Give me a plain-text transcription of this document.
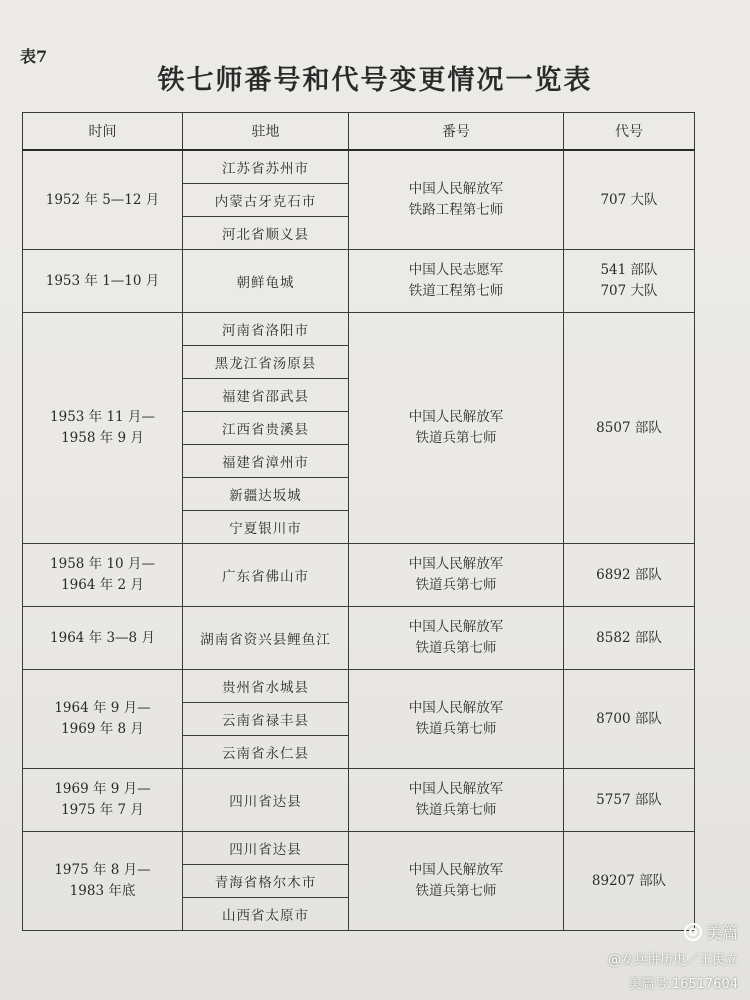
表7
铁七师番号和代号变更情况一览表
时间	驻地	番号	代号

1952 年 5—12 月	江苏省苏州市	中国人民解放军
铁路工程第七师	707 大队

	内蒙古牙克石市		
	河北省顺义县		

1953 年 1—10 月	朝鲜龟城	中国人民志愿军
铁道工程第七师	541 部队
707 大队

1953 年 11 月—
1958 年 9 月	河南省洛阳市	中国人民解放军
铁道兵第七师	8507 部队

	黑龙江省汤原县		
	福建省邵武县		
	江西省贵溪县		
	福建省漳州市		
	新疆达坂城		
	宁夏银川市		

1958 年 10 月—
1964 年 2 月	广东省佛山市	中国人民解放军
铁道兵第七师	6892 部队

1964 年 3—8 月	湖南省资兴县鲤鱼江	中国人民解放军
铁道兵第七师	8582 部队

1964 年 9 月—
1969 年 8 月	贵州省水城县	中国人民解放军
铁道兵第七师	8700 部队

	云南省禄丰县		
	云南省永仁县		

1969 年 9 月—
1975 年 7 月	四川省达县	中国人民解放军
铁道兵第七师	5757 部队

1975 年 8 月—
1983 年底	四川省达县	中国人民解放军
铁道兵第七师	89207 部队

	青海省格尔木市		
	山西省太原市		
美篇
@女兵讲历史／王民立
美篇号:16517604
